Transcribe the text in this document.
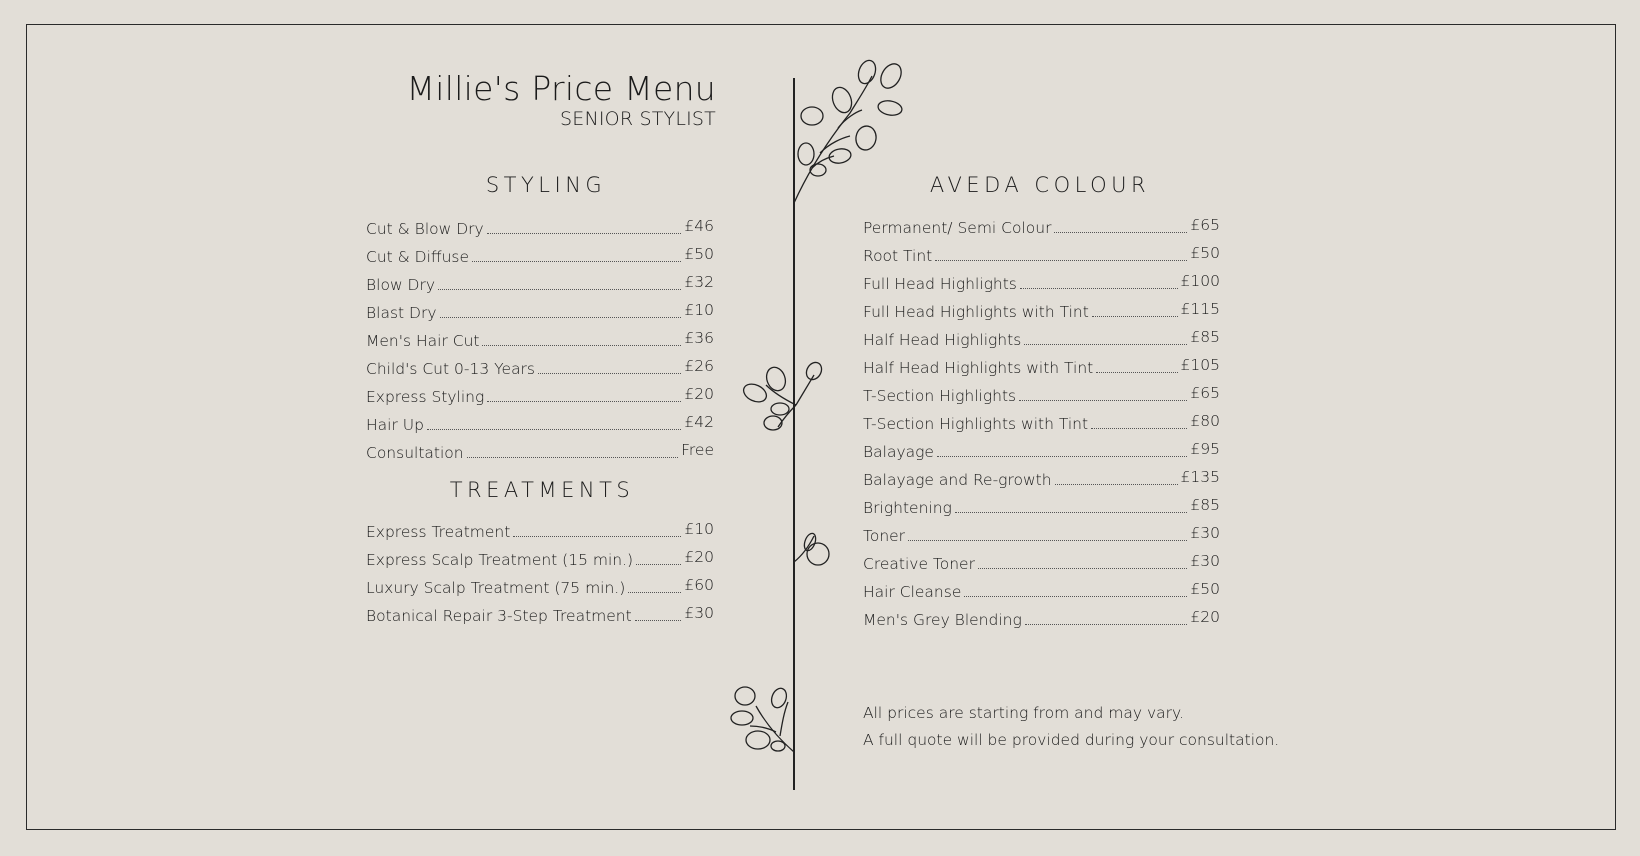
Millie's Price Menu
SENIOR STYLIST
STYLING
Cut & Blow Dry	£46
Cut & Diffuse	£50
Blow Dry	£32
Blast Dry	£10
Men's Hair Cut	£36
Child's Cut 0-13 Years	£26
Express Styling	£20
Hair Up	£42
Consultation	Free
TREATMENTS
Express Treatment	£10
Express Scalp Treatment (15 min.)	£20
Luxury Scalp Treatment (75 min.)	£60
Botanical Repair 3-Step Treatment	£30
AVEDA COLOUR
Permanent/ Semi Colour	£65
Root Tint	£50
Full Head Highlights	£100
Full Head Highlights with Tint	£115
Half Head Highlights	£85
Half Head Highlights with Tint	£105
T-Section Highlights	£65
T-Section Highlights with Tint	£80
Balayage	£95
Balayage and Re-growth	£135
Brightening	£85
Toner	£30
Creative Toner	£30
Hair Cleanse	£50
Men's Grey Blending	£20
All prices are starting from and may vary.
A full quote will be provided during your consultation.
